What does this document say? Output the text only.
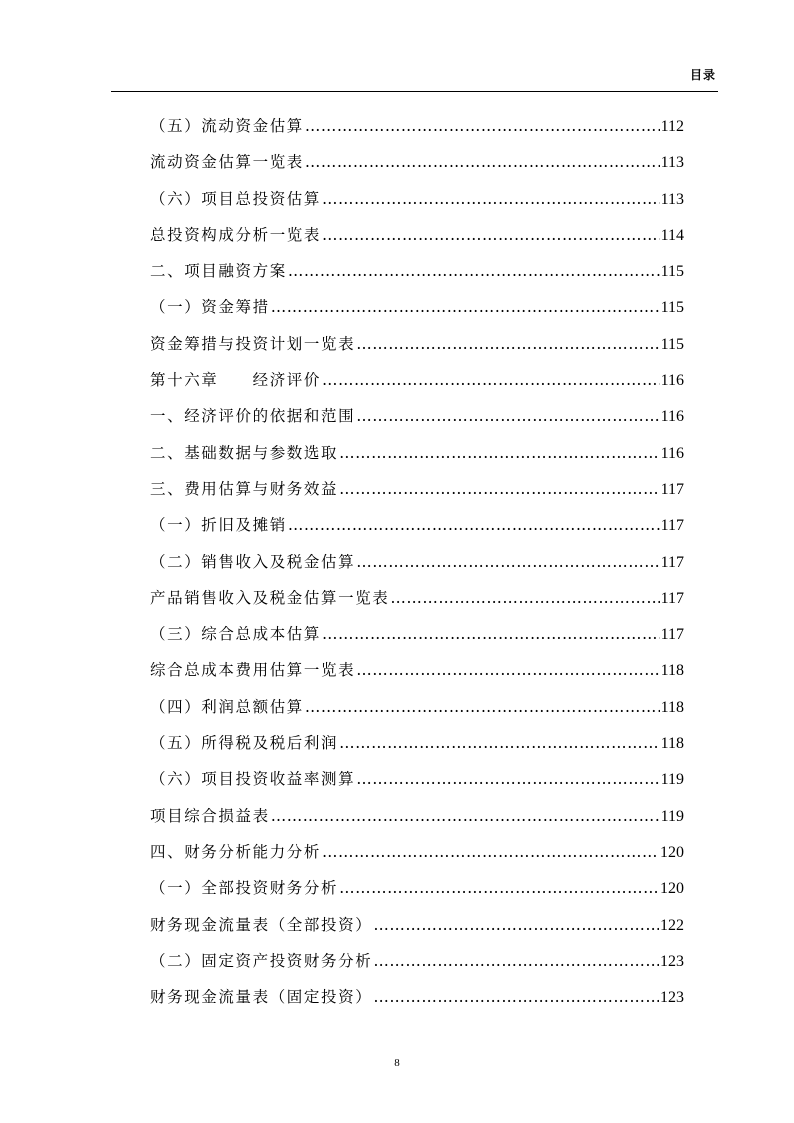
目录
（五）流动资金估算 ……………………………………………………………………………………………………………………………………	112
流动资金估算一览表 ……………………………………………………………………………………………………………………………………	113
（六）项目总投资估算 ……………………………………………………………………………………………………………………………………	113
总投资构成分析一览表 ……………………………………………………………………………………………………………………………………	114
二、项目融资方案 ……………………………………………………………………………………………………………………………………	115
（一）资金筹措 ……………………………………………………………………………………………………………………………………	115
资金筹措与投资计划一览表 ……………………………………………………………………………………………………………………………………	115
第十六章　　经济评价 ……………………………………………………………………………………………………………………………………	116
一、经济评价的依据和范围 ……………………………………………………………………………………………………………………………………	116
二、基础数据与参数选取 ……………………………………………………………………………………………………………………………………	116
三、费用估算与财务效益 ……………………………………………………………………………………………………………………………………	117
（一）折旧及摊销 ……………………………………………………………………………………………………………………………………	117
（二）销售收入及税金估算 ……………………………………………………………………………………………………………………………………	117
产品销售收入及税金估算一览表 ……………………………………………………………………………………………………………………………………	117
（三）综合总成本估算 ……………………………………………………………………………………………………………………………………	117
综合总成本费用估算一览表 ……………………………………………………………………………………………………………………………………	118
（四）利润总额估算 ……………………………………………………………………………………………………………………………………	118
（五）所得税及税后利润 ……………………………………………………………………………………………………………………………………	118
（六）项目投资收益率测算 ……………………………………………………………………………………………………………………………………	119
项目综合损益表 ……………………………………………………………………………………………………………………………………	119
四、财务分析能力分析 ……………………………………………………………………………………………………………………………………	120
（一）全部投资财务分析 ……………………………………………………………………………………………………………………………………	120
财务现金流量表（全部投资） ……………………………………………………………………………………………………………………………………	122
（二）固定资产投资财务分析 ……………………………………………………………………………………………………………………………………	123
财务现金流量表（固定投资） ……………………………………………………………………………………………………………………………………	123
8
